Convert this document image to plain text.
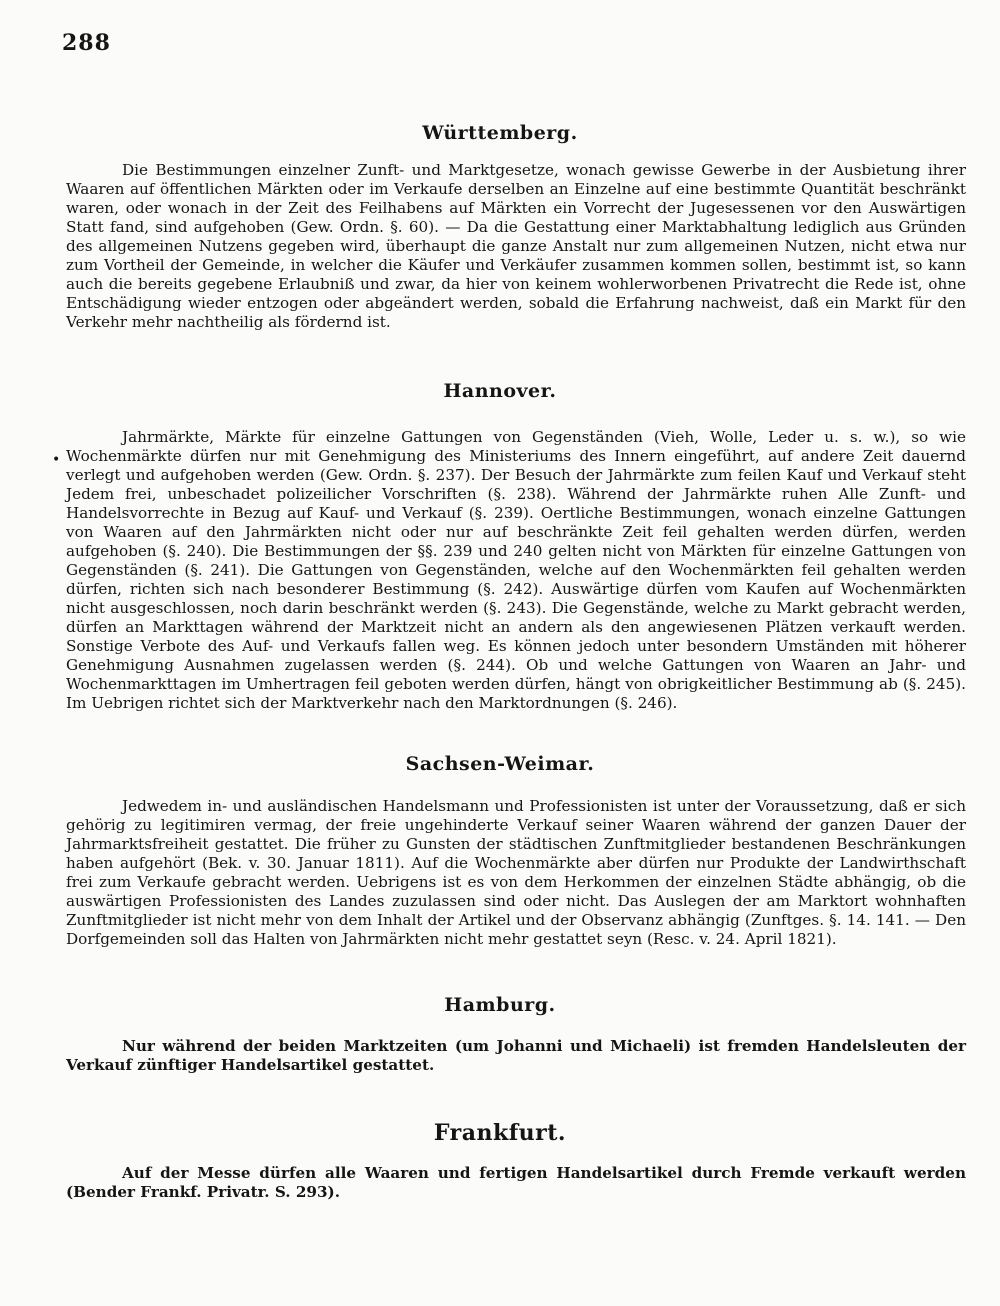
288
Württemberg.
Die Bestimmungen einzelner Zunft- und Marktgesetze, wonach gewisse Gewerbe in der Ausbietung ihrer Waaren auf öffentlichen Märkten oder im Verkaufe derselben an Einzelne auf eine bestimmte Quantität beschränkt waren, oder wonach in der Zeit des Feilhabens auf Märkten ein Vorrecht der Jugesessenen vor den Auswärtigen Statt fand, sind aufgehoben (Gew. Ordn. §. 60). — Da die Gestattung einer Marktabhaltung lediglich aus Gründen des allgemeinen Nutzens gegeben wird, überhaupt die ganze Anstalt nur zum allgemeinen Nutzen, nicht etwa nur zum Vortheil der Gemeinde, in welcher die Käufer und Verkäufer zusammen kommen sollen, bestimmt ist, so kann auch die bereits gegebene Erlaubniß und zwar, da hier von keinem wohlerworbenen Privatrecht die Rede ist, ohne Entschädigung wieder entzogen oder abgeändert werden, sobald die Erfahrung nachweist, daß ein Markt für den Verkehr mehr nachtheilig als fördernd ist.
Hannover.
•
Jahrmärkte, Märkte für einzelne Gattungen von Gegenständen (Vieh, Wolle, Leder u. s. w.), so wie Wochenmärkte dürfen nur mit Genehmigung des Ministeriums des Innern eingeführt, auf andere Zeit dauernd verlegt und aufgehoben werden (Gew. Ordn. §. 237). Der Besuch der Jahrmärkte zum feilen Kauf und Verkauf steht Jedem frei, unbeschadet polizeilicher Vorschriften (§. 238). Während der Jahrmärkte ruhen Alle Zunft- und Handelsvorrechte in Bezug auf Kauf- und Verkauf (§. 239). Oertliche Bestimmungen, wonach einzelne Gattungen von Waaren auf den Jahrmärkten nicht oder nur auf beschränkte Zeit feil gehalten werden dürfen, werden aufgehoben (§. 240). Die Bestimmungen der §§. 239 und 240 gelten nicht von Märkten für einzelne Gattungen von Gegenständen (§. 241). Die Gattungen von Gegenständen, welche auf den Wochenmärkten feil gehalten werden dürfen, richten sich nach besonderer Bestimmung (§. 242). Auswärtige dürfen vom Kaufen auf Wochenmärkten nicht ausgeschlossen, noch darin beschränkt werden (§. 243). Die Gegenstände, welche zu Markt gebracht werden, dürfen an Markttagen während der Marktzeit nicht an andern als den angewiesenen Plätzen verkauft werden. Sonstige Verbote des Auf- und Verkaufs fallen weg. Es können jedoch unter besondern Umständen mit höherer Genehmigung Ausnahmen zugelassen werden (§. 244). Ob und welche Gattungen von Waaren an Jahr- und Wochenmarkttagen im Umhertragen feil geboten werden dürfen, hängt von obrigkeitlicher Bestimmung ab (§. 245). Im Uebrigen richtet sich der Marktverkehr nach den Marktordnungen (§. 246).
Sachsen-Weimar.
Jedwedem in- und ausländischen Handelsmann und Professionisten ist unter der Voraussetzung, daß er sich gehörig zu legitimiren vermag, der freie ungehinderte Verkauf seiner Waaren während der ganzen Dauer der Jahrmarktsfreiheit gestattet. Die früher zu Gunsten der städtischen Zunftmitglieder bestandenen Beschränkungen haben aufgehört (Bek. v. 30. Januar 1811). Auf die Wochenmärkte aber dürfen nur Produkte der Landwirthschaft frei zum Verkaufe gebracht werden. Uebrigens ist es von dem Herkommen der einzelnen Städte abhängig, ob die auswärtigen Professionisten des Landes zuzulassen sind oder nicht. Das Auslegen der am Marktort wohnhaften Zunftmitglieder ist nicht mehr von dem Inhalt der Artikel und der Observanz abhängig (Zunftges. §. 14. 141. — Den Dorfgemeinden soll das Halten von Jahrmärkten nicht mehr gestattet seyn (Resc. v. 24. April 1821).
Hamburg.
Nur während der beiden Marktzeiten (um Johanni und Michaeli) ist fremden Handelsleuten der Verkauf zünftiger Handelsartikel gestattet.
Frankfurt.
Auf der Messe dürfen alle Waaren und fertigen Handelsartikel durch Fremde verkauft werden (Bender Frankf. Privatr. S. 293).
